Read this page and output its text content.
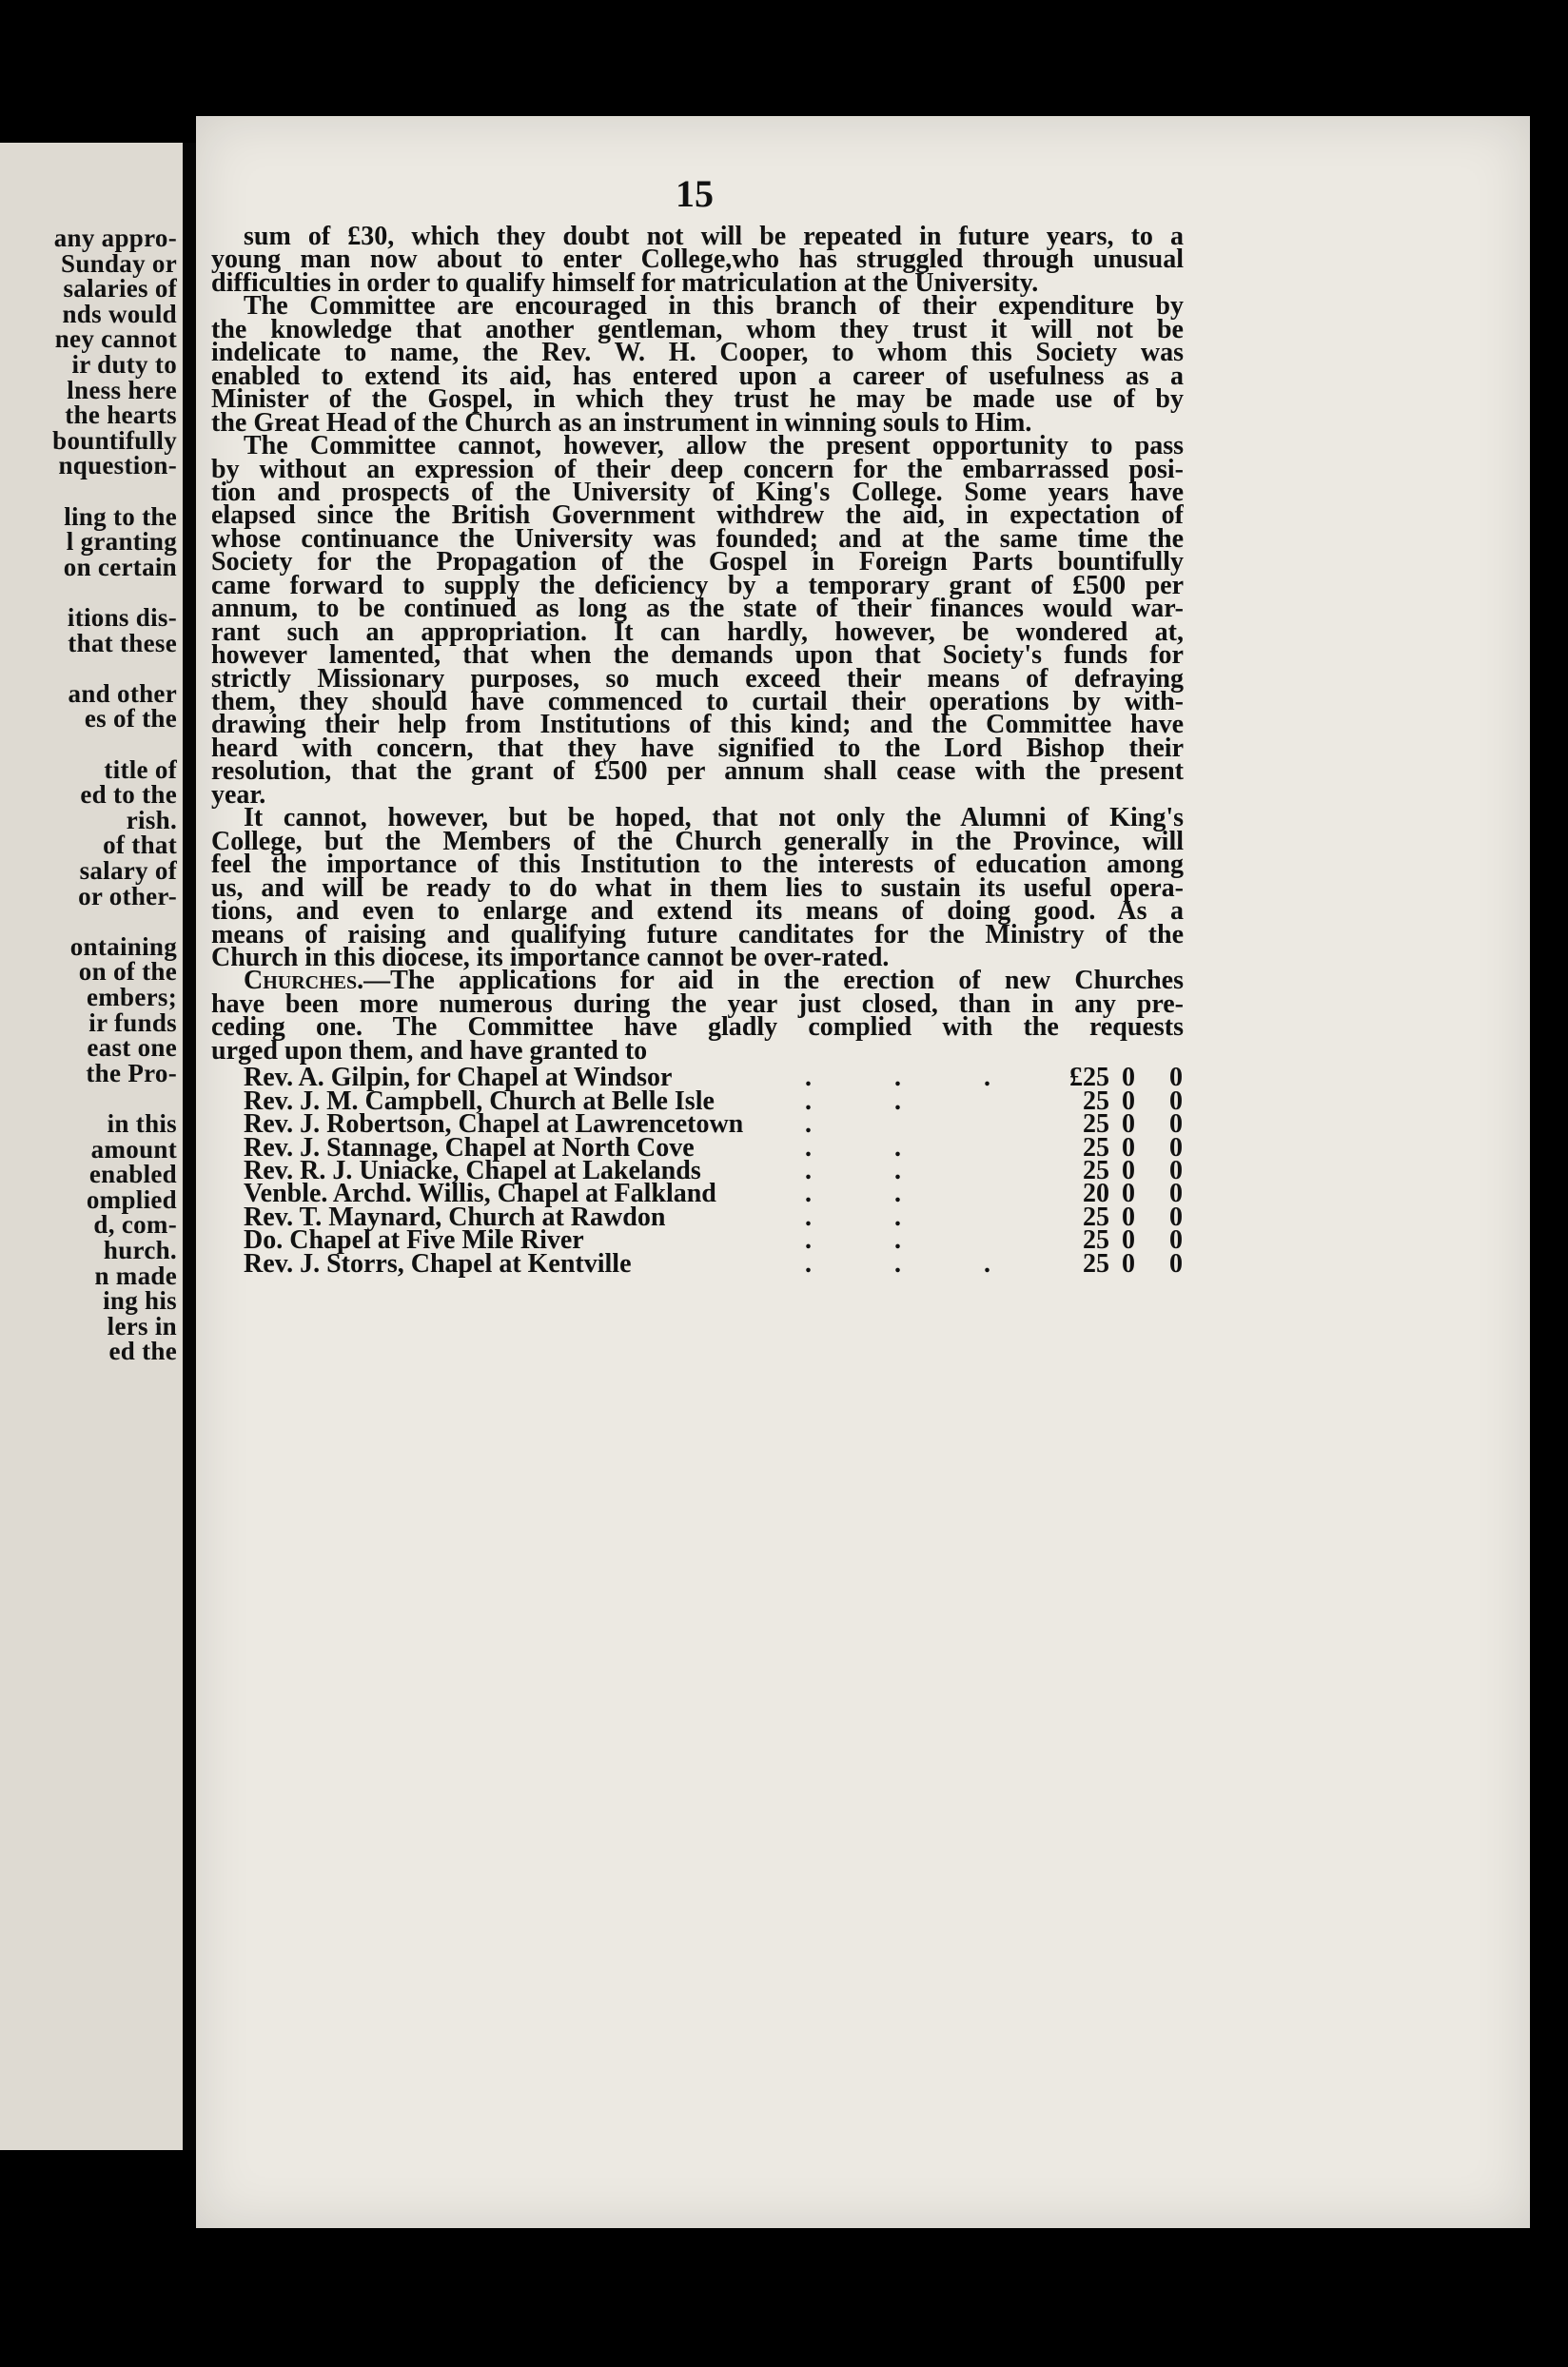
any appro-
Sunday or
salaries of
nds would
ney cannot
ir duty to
lness here
the hearts
bountifully
nquestion-
ling to the
l granting
on certain
itions dis-
that these
and other
es of the
title of
ed to the
rish.
of that
salary of
or other-
ontaining
on of the
embers;
ir funds
east one
the Pro-
in this
amount
enabled
omplied
d, com-
hurch.
n made
ing his
lers in
ed the
15
sum of £30, which they doubt not will be repeated in future years, to a
young man now about to enter College,who has struggled through unusual
difficulties in order to qualify himself for matriculation at the University.
The Committee are encouraged in this branch of their expenditure by
the knowledge that another gentleman, whom they trust it will not be
indelicate to name, the Rev. W. H. Cooper, to whom this Society was
enabled to extend its aid, has entered upon a career of usefulness as a
Minister of the Gospel, in which they trust he may be made use of by
the Great Head of the Church as an instrument in winning souls to Him.
The Committee cannot, however, allow the present opportunity to pass
by without an expression of their deep concern for the embarrassed posi-
tion and prospects of the University of King's College. Some years have
elapsed since the British Government withdrew the aid, in expectation of
whose continuance the University was founded; and at the same time the
Society for the Propagation of the Gospel in Foreign Parts bountifully
came forward to supply the deficiency by a temporary grant of £500 per
annum, to be continued as long as the state of their finances would war-
rant such an appropriation. It can hardly, however, be wondered at,
however lamented, that when the demands upon that Society's funds for
strictly Missionary purposes, so much exceed their means of defraying
them, they should have commenced to curtail their operations by with-
drawing their help from Institutions of this kind; and the Committee have
heard with concern, that they have signified to the Lord Bishop their
resolution, that the grant of £500 per annum shall cease with the present
year.
It cannot, however, but be hoped, that not only the Alumni of King's
College, but the Members of the Church generally in the Province, will
feel the importance of this Institution to the interests of education among
us, and will be ready to do what in them lies to sustain its useful opera-
tions, and even to enlarge and extend its means of doing good. As a
means of raising and qualifying future canditates for the Ministry of the
Church in this diocese, its importance cannot be over-rated.
Churches.—The applications for aid in the erection of new Churches
have been more numerous during the year just closed, than in any pre-
ceding one. The Committee have gladly complied with the requests
urged upon them, and have granted to
Rev. A. Gilpin, for Chapel at Windsor	. . .	£25 0 0
Rev. J. M. Campbell, Church at Belle Isle	. .	25 0 0
Rev. J. Robertson, Chapel at Lawrencetown .	25 0 0
Rev. J. Stannage, Chapel at North Cove	. .	25 0 0
Rev. R. J. Uniacke, Chapel at Lakelands	. .	25 0 0
Venble. Archd. Willis, Chapel at Falkland	. .	20 0 0
Rev. T. Maynard, Church at Rawdon	. .	25 0 0
Do. Chapel at Five Mile River	. .	25 0 0
Rev. J. Storrs, Chapel at Kentville	. . .	25 0 0
